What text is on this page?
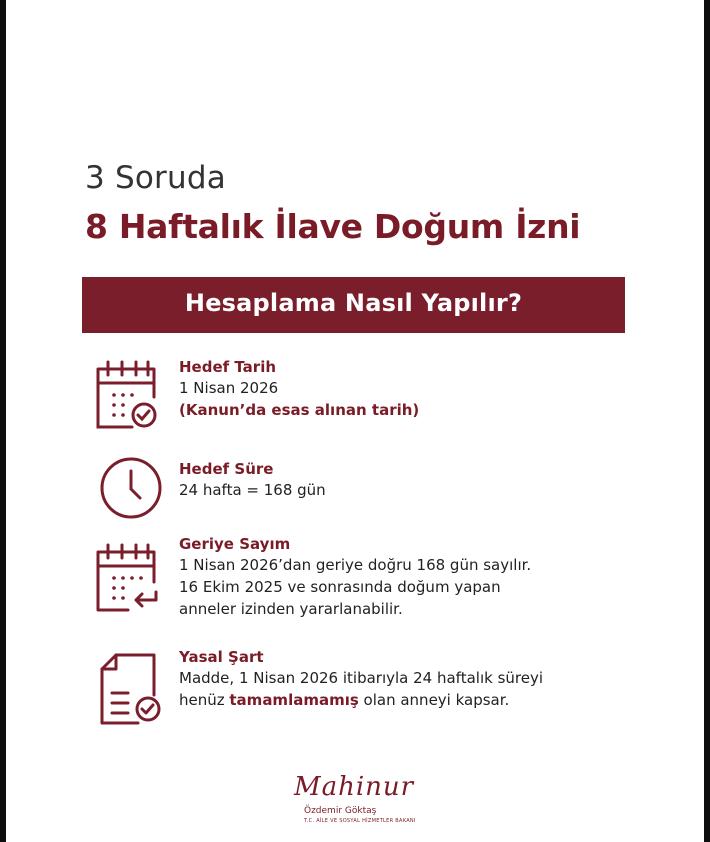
3 Soruda
8 Haftalık İlave Doğum İzni
Hesaplama Nasıl Yapılır?
Hedef Tarih
1 Nisan 2026
(Kanun’da esas alınan tarih)
Hedef Süre
24 hafta = 168 gün
Geriye Sayım
1 Nisan 2026’dan geriye doğru 168 gün sayılır.
16 Ekim 2025 ve sonrasında doğum yapan
anneler izinden yararlanabilir.
Yasal Şart
Madde, 1 Nisan 2026 itibarıyla 24 haftalık süreyi
henüz tamamlamamış olan anneyi kapsar.
Mahinur
Özdemir Göktaş
T.C. AİLE VE SOSYAL HİZMETLER BAKANI
